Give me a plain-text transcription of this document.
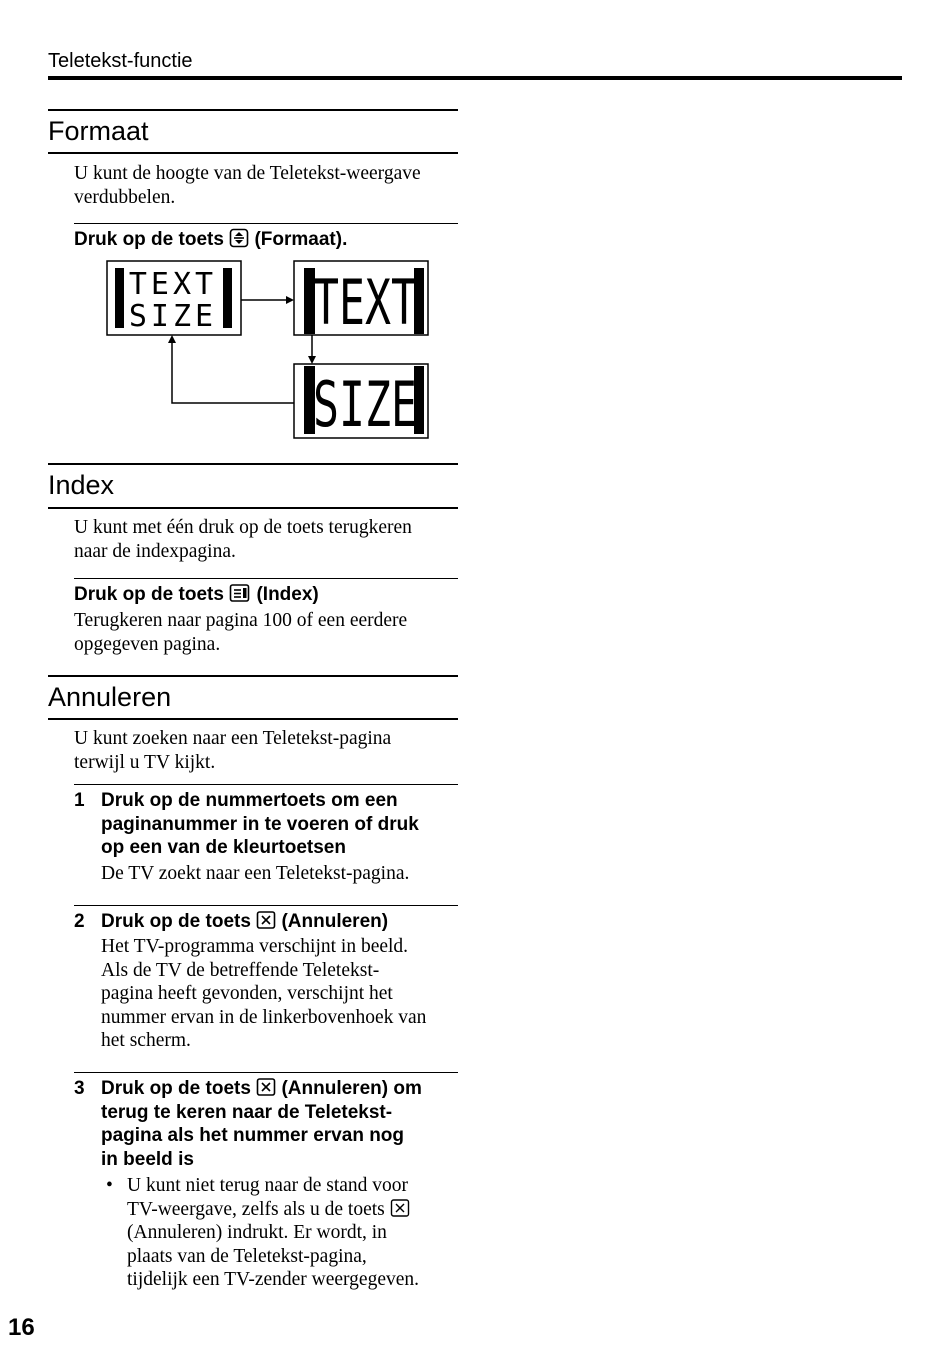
Teletekst-functie
Formaat
U kunt de hoogte van de Teletekst-weergave
verdubbelen.
Druk op de toets (Formaat).
TEXT
SIZE TEXT
SIZE
Index
U kunt met één druk op de toets terugkeren
naar de indexpagina.
Druk op de toets (Index)
Terugkeren naar pagina 100 of een eerdere
opgegeven pagina.
Annuleren
U kunt zoeken naar een Teletekst-pagina
terwijl u TV kijkt.
1 Druk op de nummertoets om een
paginanummer in te voeren of druk
op een van de kleurtoetsen
De TV zoekt naar een Teletekst-pagina.
2 Druk op de toets (Annuleren)
Het TV-programma verschijnt in beeld.
Als de TV de betreffende Teletekst-
pagina heeft gevonden, verschijnt het
nummer ervan in de linkerbovenhoek van
het scherm.
3 Druk op de toets (Annuleren) om
terug te keren naar de Teletekst-
pagina als het nummer ervan nog
in beeld is
• U kunt niet terug naar de stand voor
TV-weergave, zelfs als u de toets
(Annuleren) indrukt. Er wordt, in
plaats van de Teletekst-pagina,
tijdelijk een TV-zender weergegeven.
16
